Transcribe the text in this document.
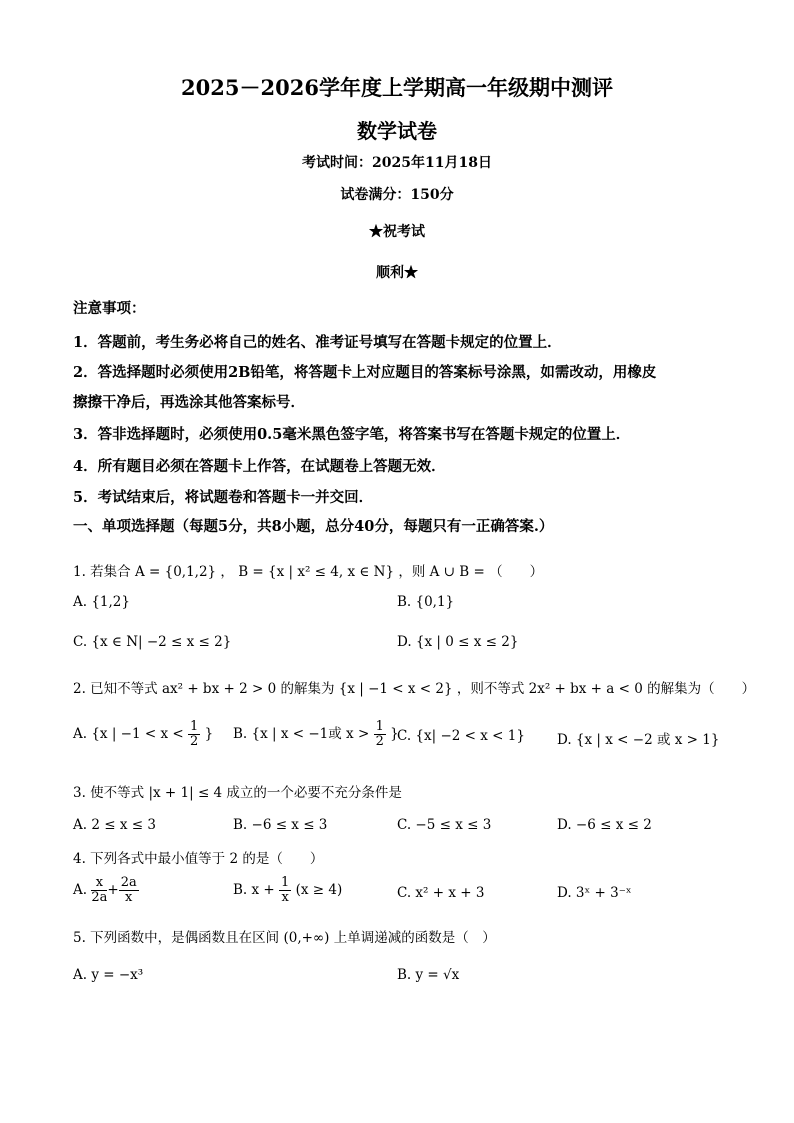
2025－2026学年度上学期高一年级期中测评
数学试卷
考试时间：2025年11月18日
试卷满分：150分
★祝考试
顺利★
注意事项：
1．答题前，考生务必将自己的姓名、准考证号填写在答题卡规定的位置上．
2．答选择题时必须使用2B铅笔，将答题卡上对应题目的答案标号涂黑，如需改动，用橡皮
擦擦干净后，再选涂其他答案标号．
3．答非选择题时，必须使用0.5毫米黑色签字笔，将答案书写在答题卡规定的位置上．
4．所有题目必须在答题卡上作答，在试题卷上答题无效．
5．考试结束后，将试题卷和答题卡一并交回．
一、单项选择题（每题5分，共8小题，总分40分，每题只有一正确答案.）
1. 若集合 A = {0,1,2} ， B = {x | x² ≤ 4, x ∈ N} ，则 A ∪ B = （　　）
A. {1,2}	B. {0,1}
C. {x ∈ N| −2 ≤ x ≤ 2}	D. {x | 0 ≤ x ≤ 2}
2. 已知不等式 ax² + bx + 2 > 0 的解集为 {x | −1 < x < 2} ，则不等式 2x² + bx + a < 0 的解集为（　　）
A. {x | $-1 < x < \frac{1}{2}$ } B. {x | x < −1或 $x > \frac{1}{2}$ }
C. {x| −2 < x < 1} D. {x | x < −2 或 x > 1}
3. 使不等式 |x + 1| ≤ 4 成立的一个必要不充分条件是
A. 2 ≤ x ≤ 3	B. −6 ≤ x ≤ 3	C. −5 ≤ x ≤ 3	D. −6 ≤ x ≤ 2
4. 下列各式中最小值等于 2 的是（　　）
A. $\frac{x}{2a} + \frac{2a}{x}$	B. $x + \frac{1}{x} (x \ge 4)$	C. x² + x + 3	D. 3ˣ + 3⁻ˣ
5. 下列函数中，是偶函数且在区间 (0,+∞) 上单调递减的函数是（　）
A. y = −x³	B. y = √x
